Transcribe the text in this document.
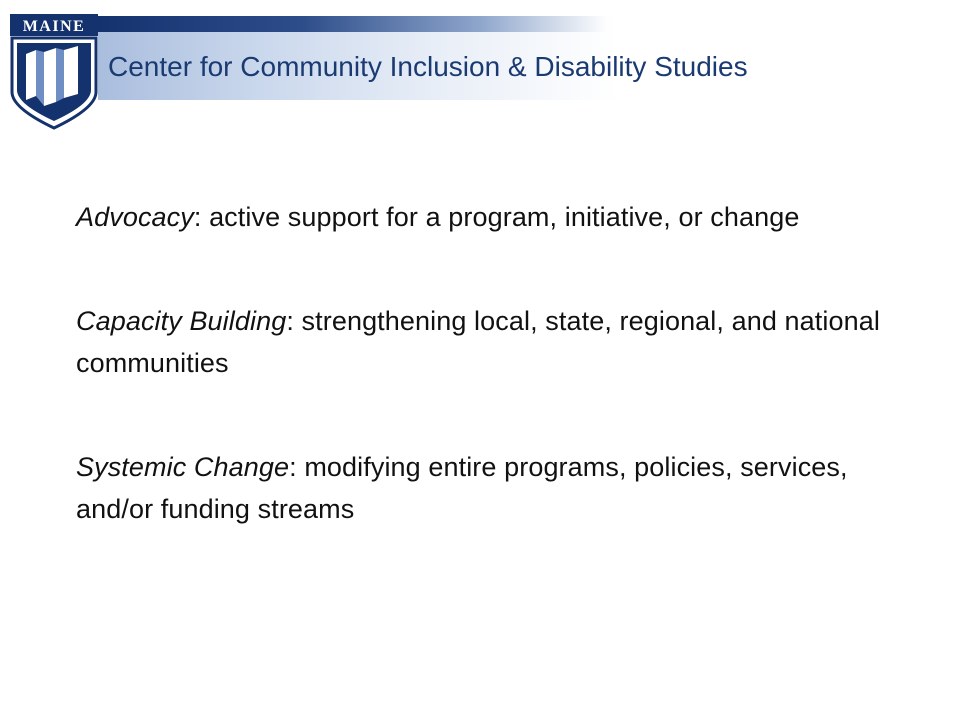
MAINE
Center for Community Inclusion & Disability Studies

Advocacy: active support for a program, initiative, or change

Capacity Building: strengthening local, state, regional, and national communities

Systemic Change: modifying entire programs, policies, services, and/or funding streams
